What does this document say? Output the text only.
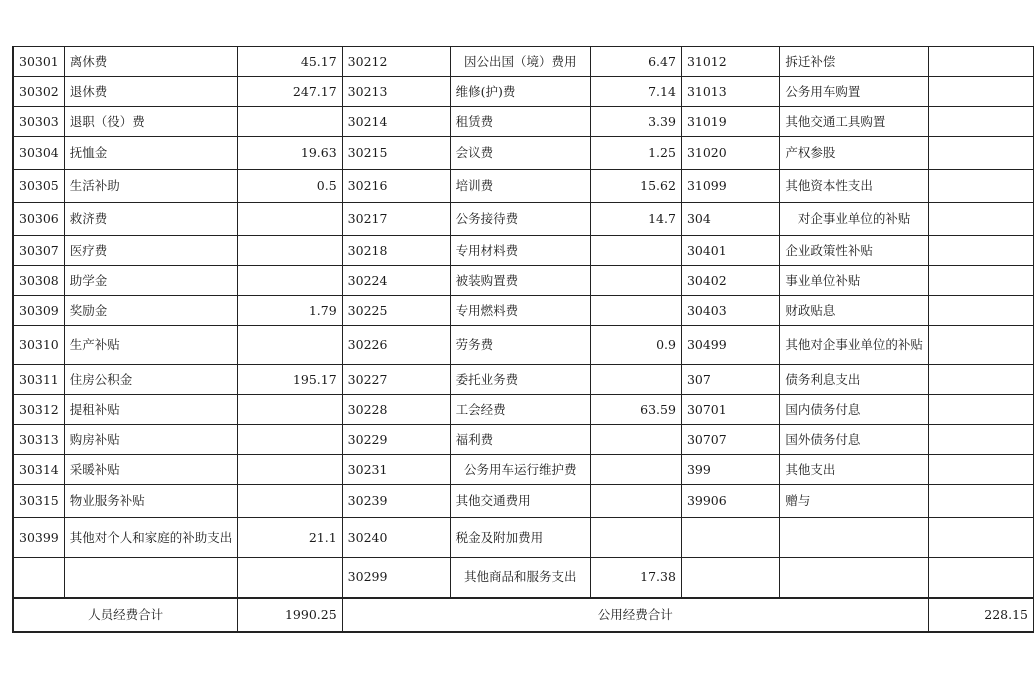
30301	离休费	45.17	30212	因公出国（境）费用	6.47	31012	拆迁补偿	
30302	退休费	247.17	30213	维修(护)费	7.14	31013	公务用车购置	
30303	退职（役）费		30214	租赁费	3.39	31019	其他交通工具购置	
30304	抚恤金	19.63	30215	会议费	1.25	31020	产权参股	
30305	生活补助	0.5	30216	培训费	15.62	31099	其他资本性支出	
30306	救济费		30217	公务接待费	14.7	304	对企事业单位的补贴	
30307	医疗费		30218	专用材料费		30401	企业政策性补贴	
30308	助学金		30224	被装购置费		30402	事业单位补贴	
30309	奖励金	1.79	30225	专用燃料费		30403	财政贴息	
30310	生产补贴		30226	劳务费	0.9	30499	其他对企事业单位的补贴	
30311	住房公积金	195.17	30227	委托业务费		307	债务利息支出	
30312	提租补贴		30228	工会经费	63.59	30701	国内债务付息	
30313	购房补贴		30229	福利费		30707	国外债务付息	
30314	采暖补贴		30231	公务用车运行维护费		399	其他支出	
30315	物业服务补贴		30239	其他交通费用		39906	赠与	
30399	其他对个人和家庭的补助支出	21.1	30240	税金及附加费用				
			30299	其他商品和服务支出	17.38			
人员经费合计		1990.25	公用经费合计					228.15
